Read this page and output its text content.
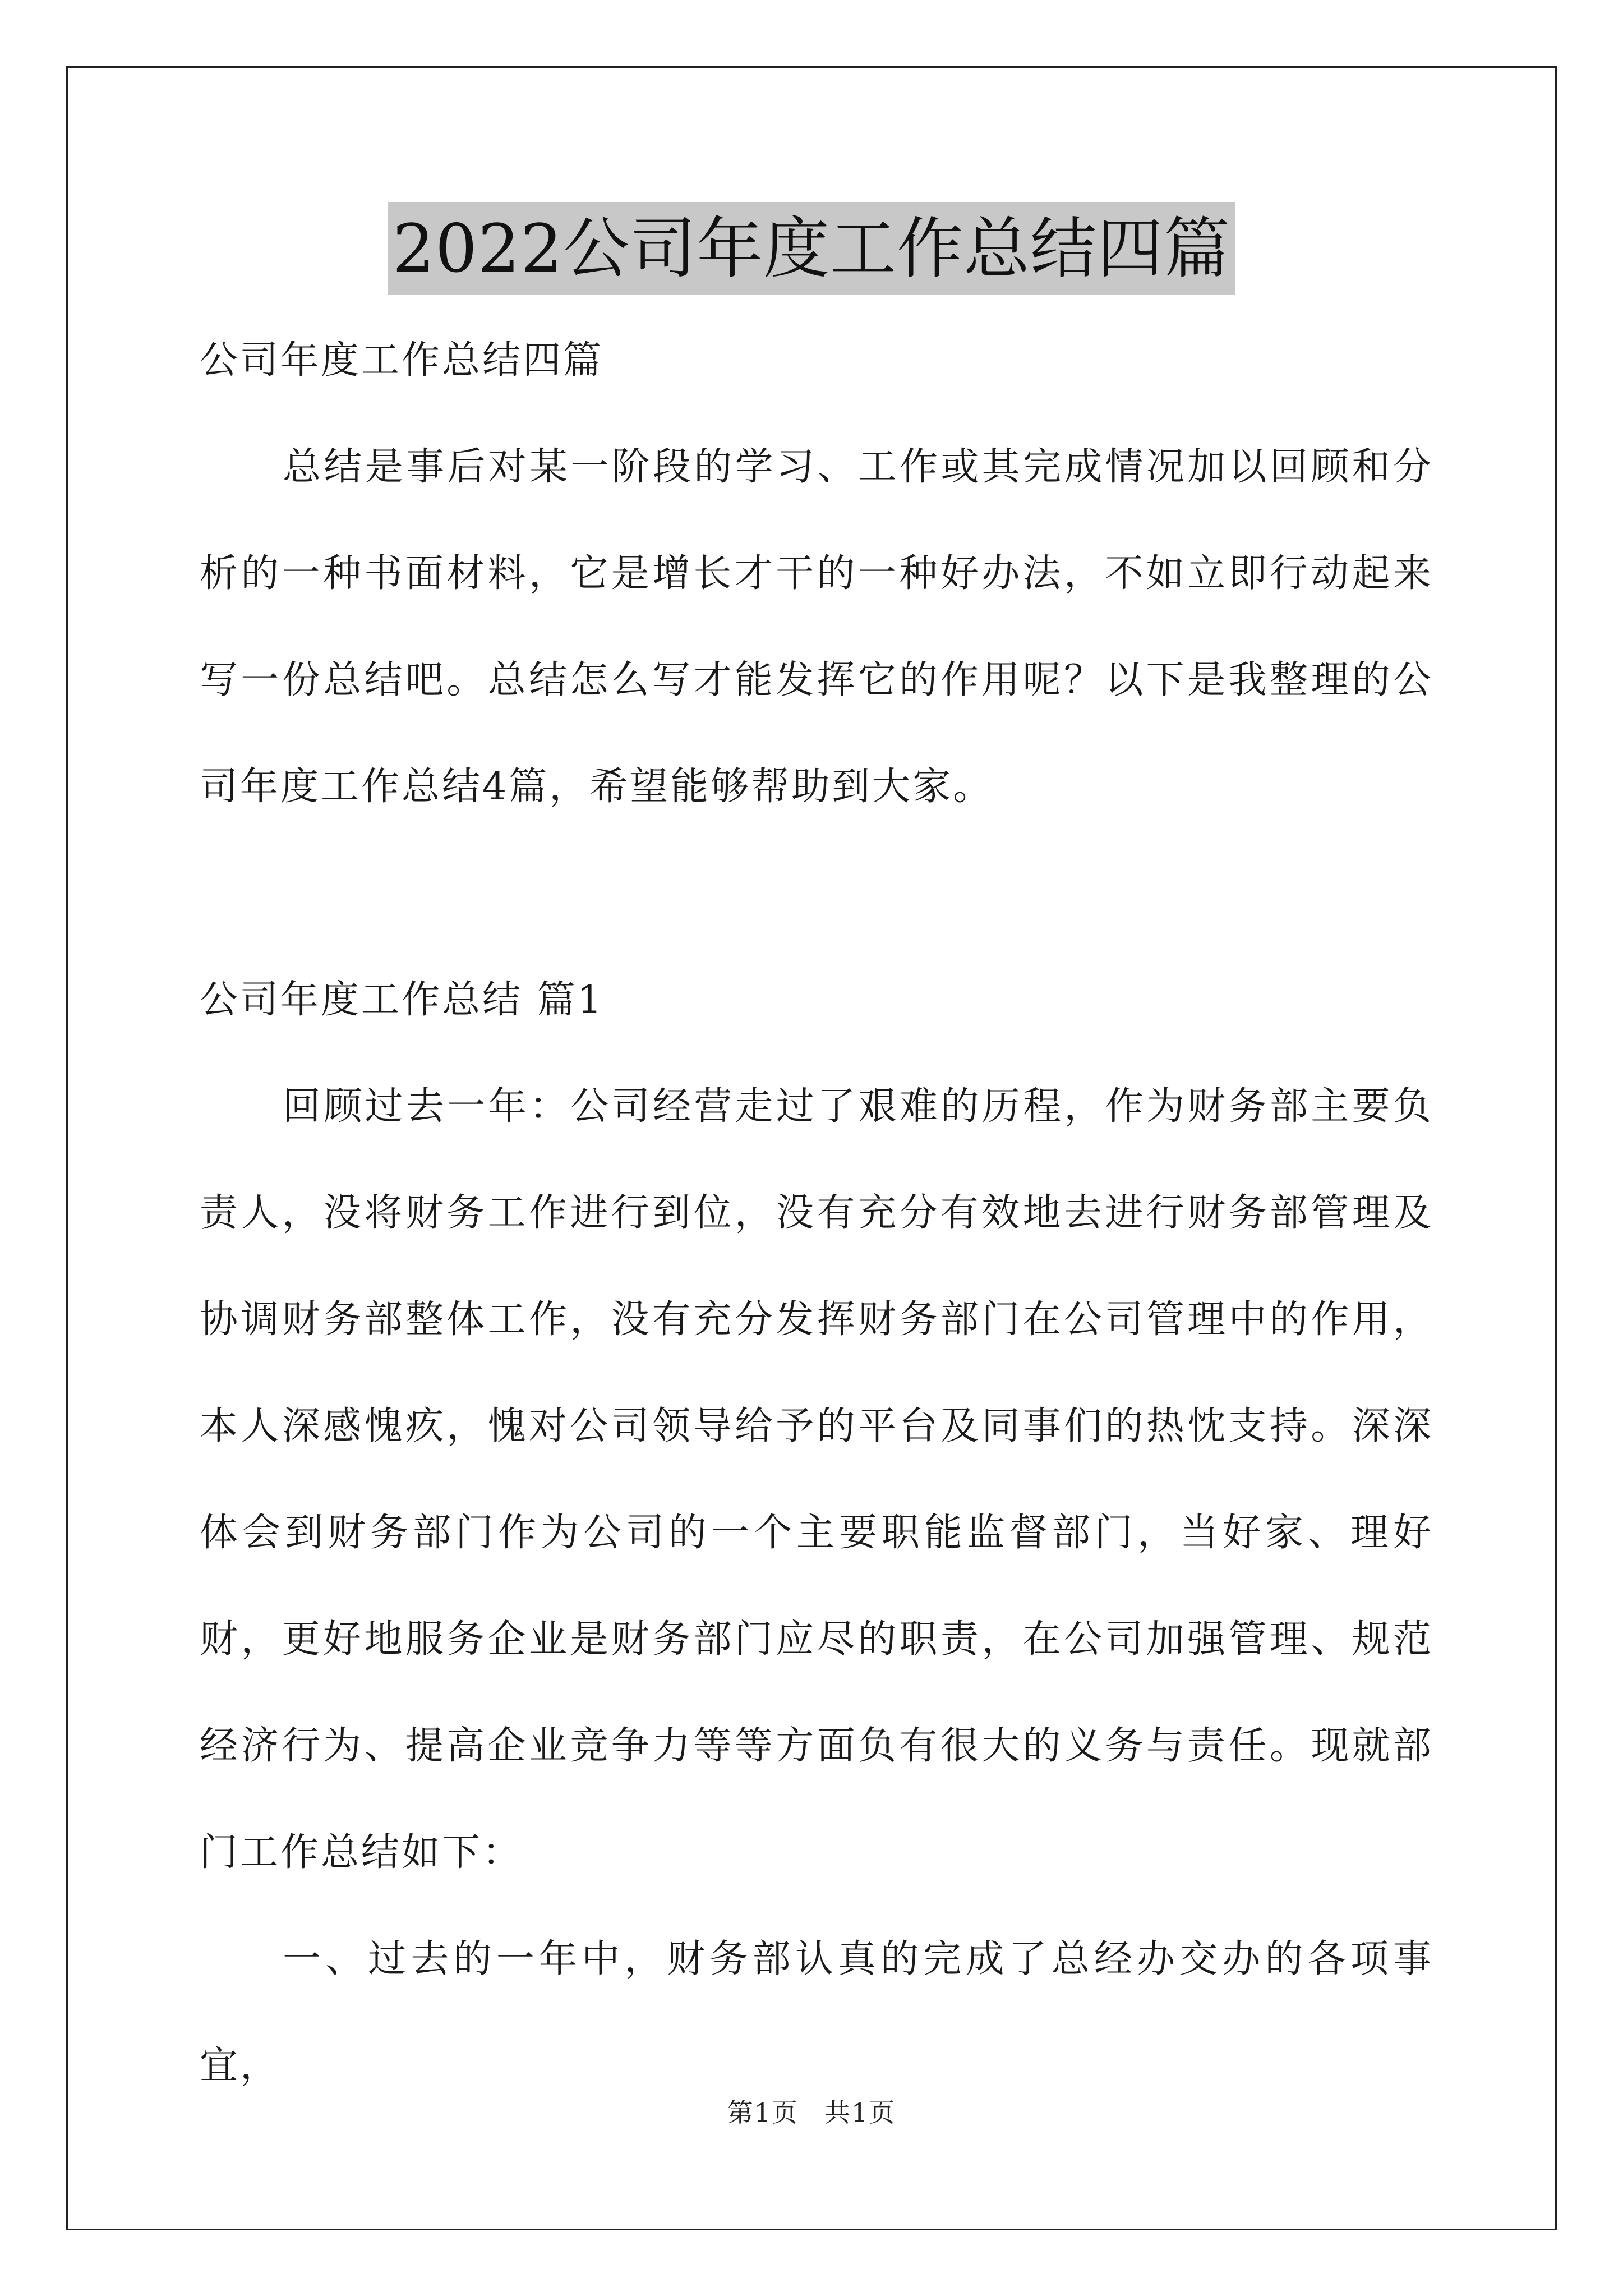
2022公司年度工作总结四篇

公司年度工作总结四篇

总结是事后对某一阶段的学习、工作或其完成情况加以回顾和分析的一种书面材料，它是增长才干的一种好办法，不如立即行动起来写一份总结吧。总结怎么写才能发挥它的作用呢？以下是我整理的公司年度工作总结4篇，希望能够帮助到大家。

公司年度工作总结 篇1

回顾过去一年：公司经营走过了艰难的历程，作为财务部主要负责人，没将财务工作进行到位，没有充分有效地去进行财务部管理及协调财务部整体工作，没有充分发挥财务部门在公司管理中的作用，本人深感愧疚，愧对公司领导给予的平台及同事们的热忱支持。深深体会到财务部门作为公司的一个主要职能监督部门，当好家、理好财，更好地服务企业是财务部门应尽的职责，在公司加强管理、规范经济行为、提高企业竞争力等等方面负有很大的义务与责任。现就部门工作总结如下：

一、过去的一年中，财务部认真的完成了总经办交办的各项事宜，

第1页 共1页
